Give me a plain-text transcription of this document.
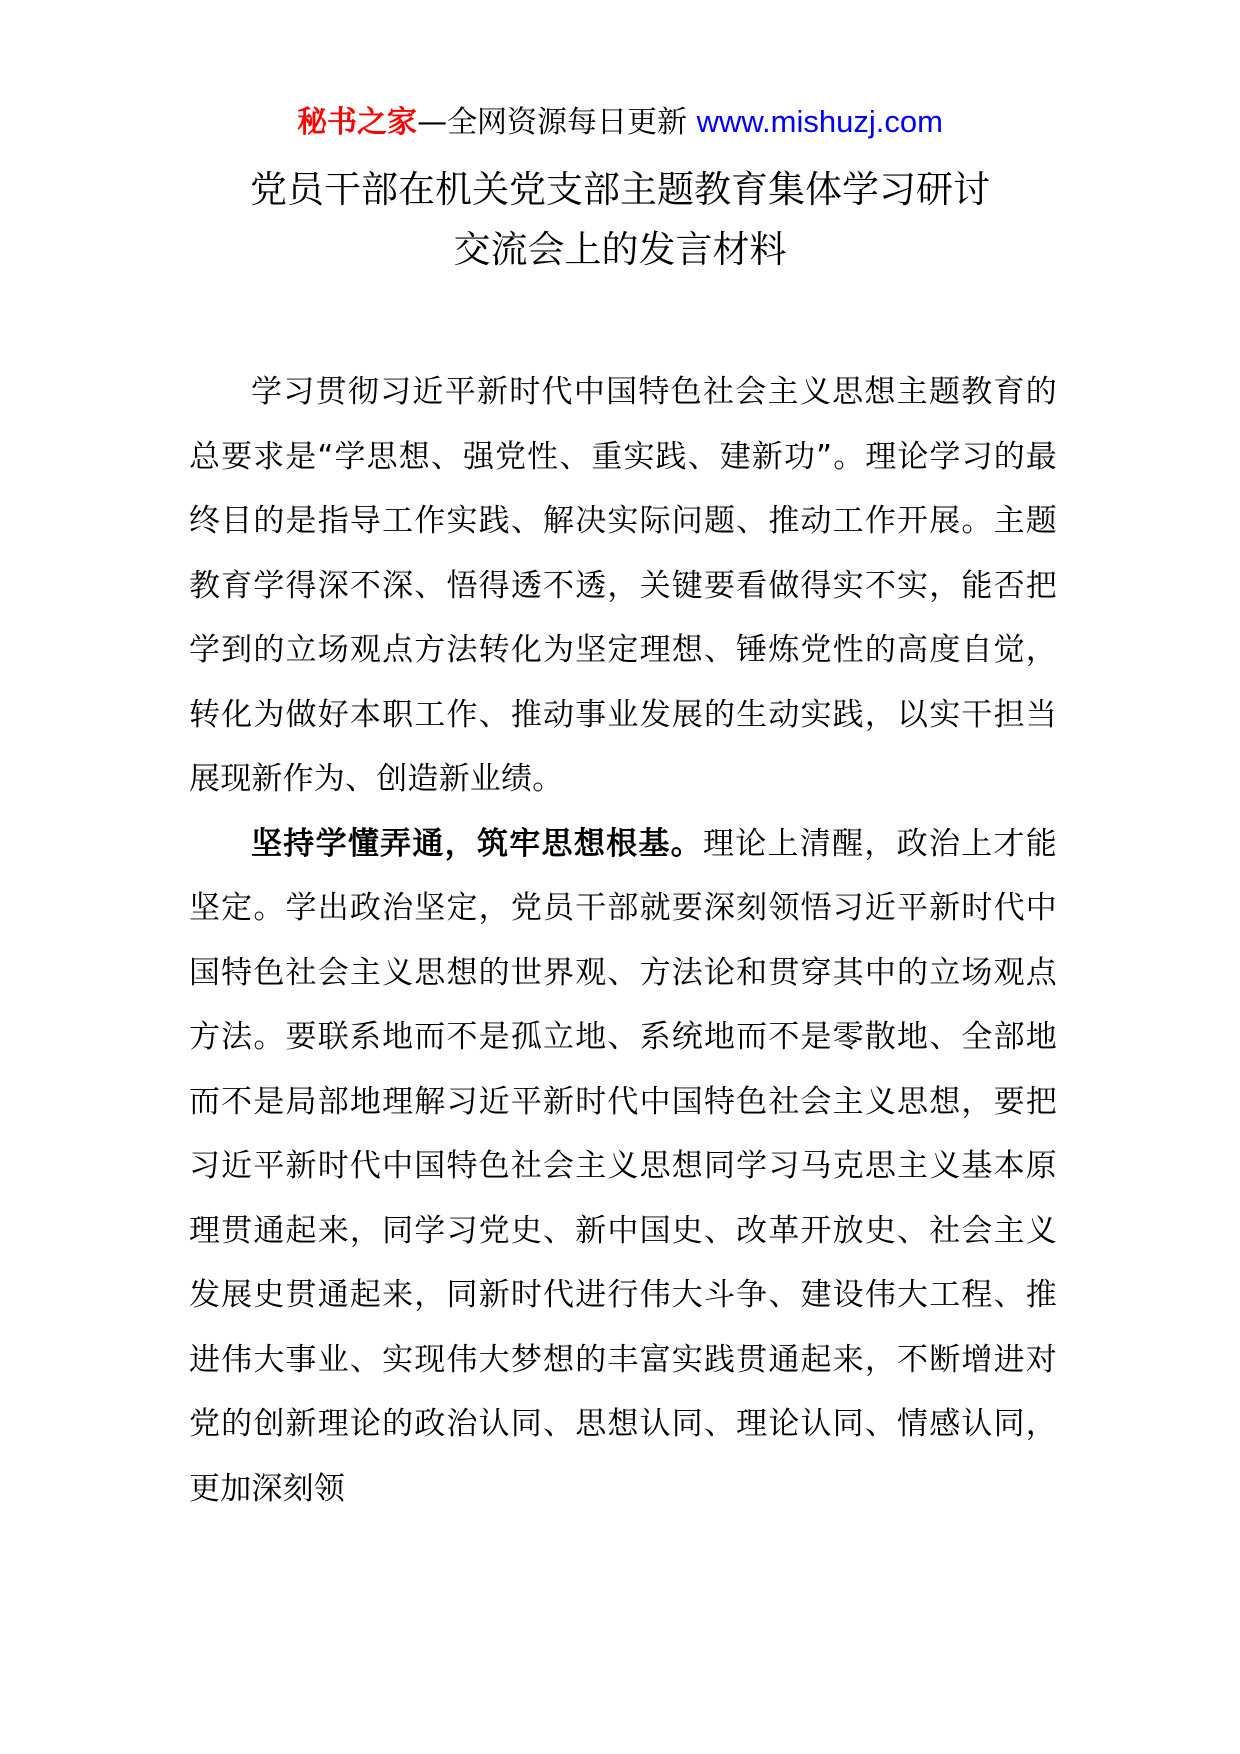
秘书之家—全网资源每日更新 www.mishuzj.com
党员干部在机关党支部主题教育集体学习研讨
交流会上的发言材料

学习贯彻习近平新时代中国特色社会主义思想主题教育的总要求是“学思想、强党性、重实践、建新功”。理论学习的最终目的是指导工作实践、解决实际问题、推动工作开展。主题教育学得深不深、悟得透不透，关键要看做得实不实，能否把学到的立场观点方法转化为坚定理想、锤炼党性的高度自觉，转化为做好本职工作、推动事业发展的生动实践，以实干担当展现新作为、创造新业绩。

坚持学懂弄通，筑牢思想根基。理论上清醒，政治上才能坚定。学出政治坚定，党员干部就要深刻领悟习近平新时代中国特色社会主义思想的世界观、方法论和贯穿其中的立场观点方法。要联系地而不是孤立地、系统地而不是零散地、全部地而不是局部地理解习近平新时代中国特色社会主义思想，要把习近平新时代中国特色社会主义思想同学习马克思主义基本原理贯通起来，同学习党史、新中国史、改革开放史、社会主义发展史贯通起来，同新时代进行伟大斗争、建设伟大工程、推进伟大事业、实现伟大梦想的丰富实践贯通起来，不断增进对党的创新理论的政治认同、思想认同、理论认同、情感认同，更加深刻领
